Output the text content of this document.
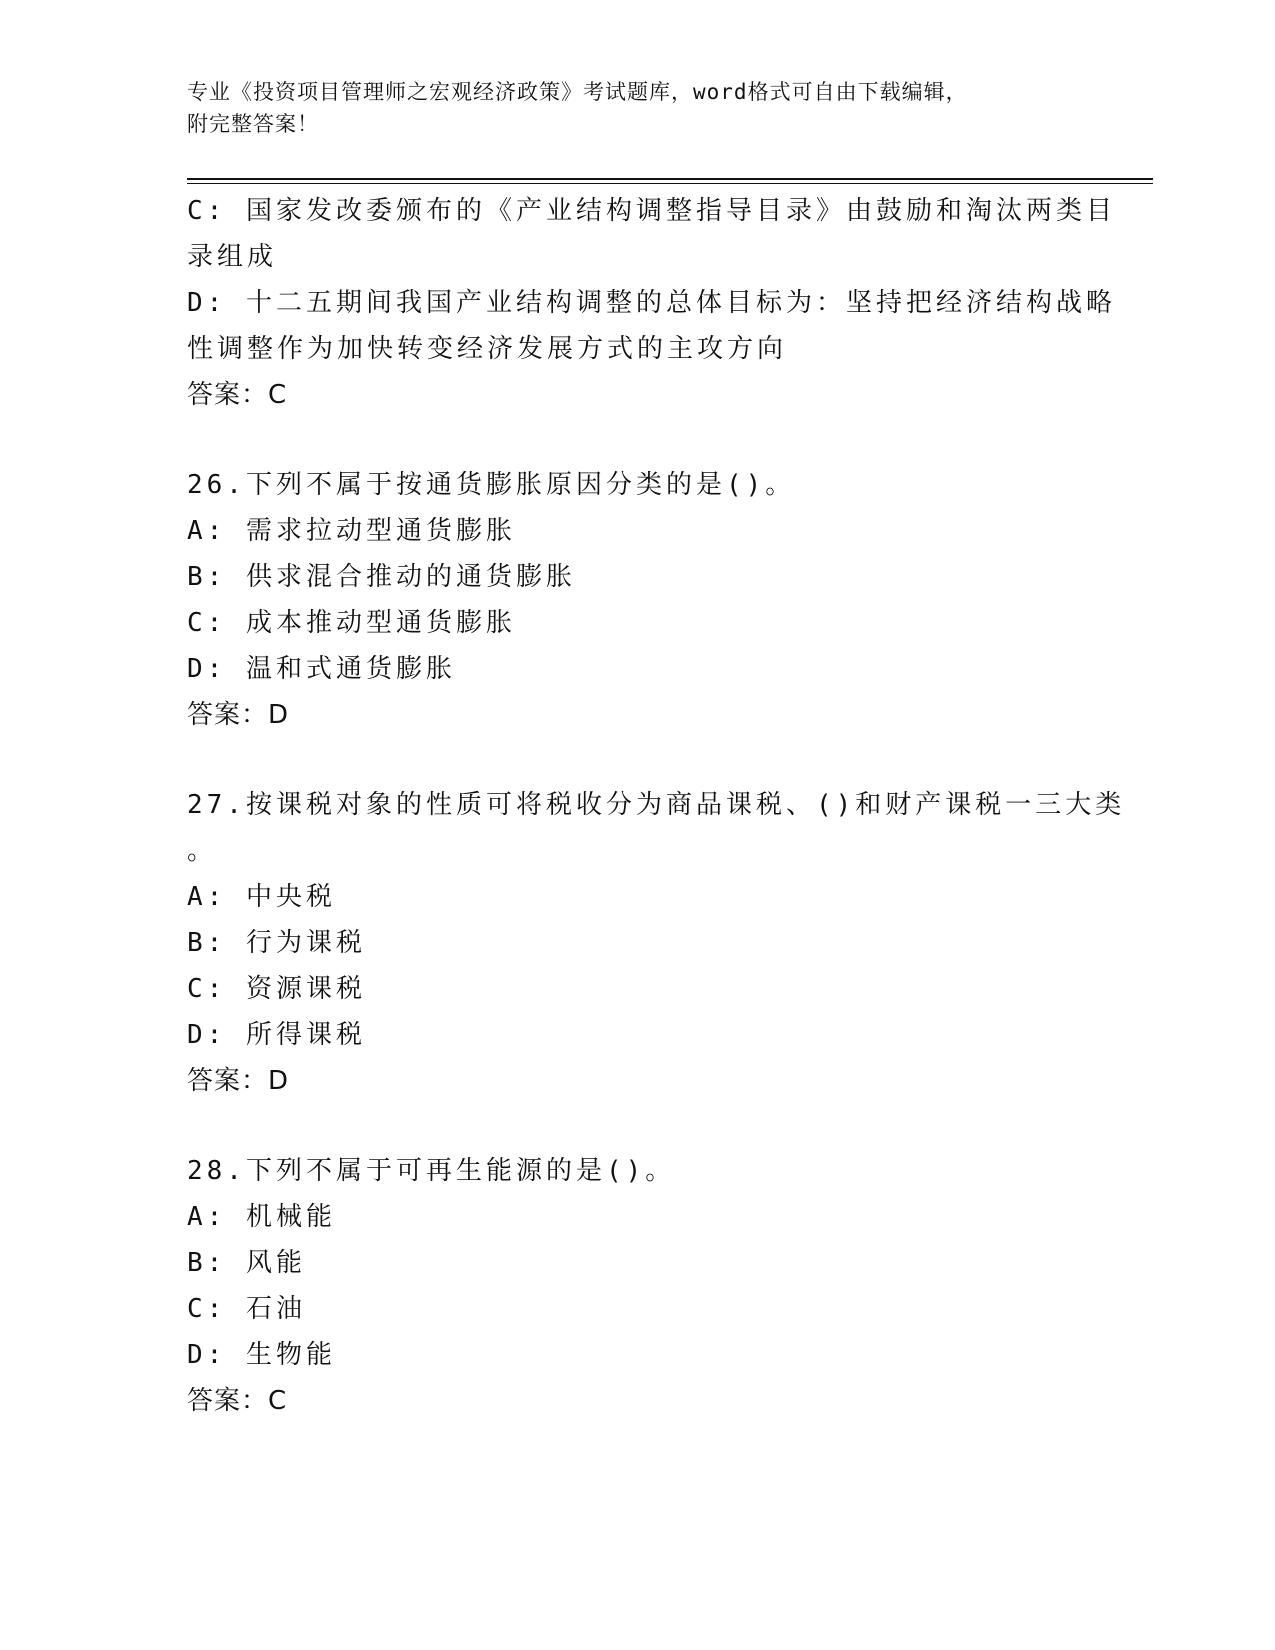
专业《投资项目管理师之宏观经济政策》考试题库，word格式可自由下载编辑，
附完整答案！
C: 国家发改委颁布的《产业结构调整指导目录》由鼓励和淘汰两类目
录组成
D: 十二五期间我国产业结构调整的总体目标为：坚持把经济结构战略
性调整作为加快转变经济发展方式的主攻方向
答案：C
26.下列不属于按通货膨胀原因分类的是()。
A: 需求拉动型通货膨胀
B: 供求混合推动的通货膨胀
C: 成本推动型通货膨胀
D: 温和式通货膨胀
答案：D
27.按课税对象的性质可将税收分为商品课税、()和财产课税一三大类
。
A: 中央税
B: 行为课税
C: 资源课税
D: 所得课税
答案：D
28.下列不属于可再生能源的是()。
A: 机械能
B: 风能
C: 石油
D: 生物能
答案：C
